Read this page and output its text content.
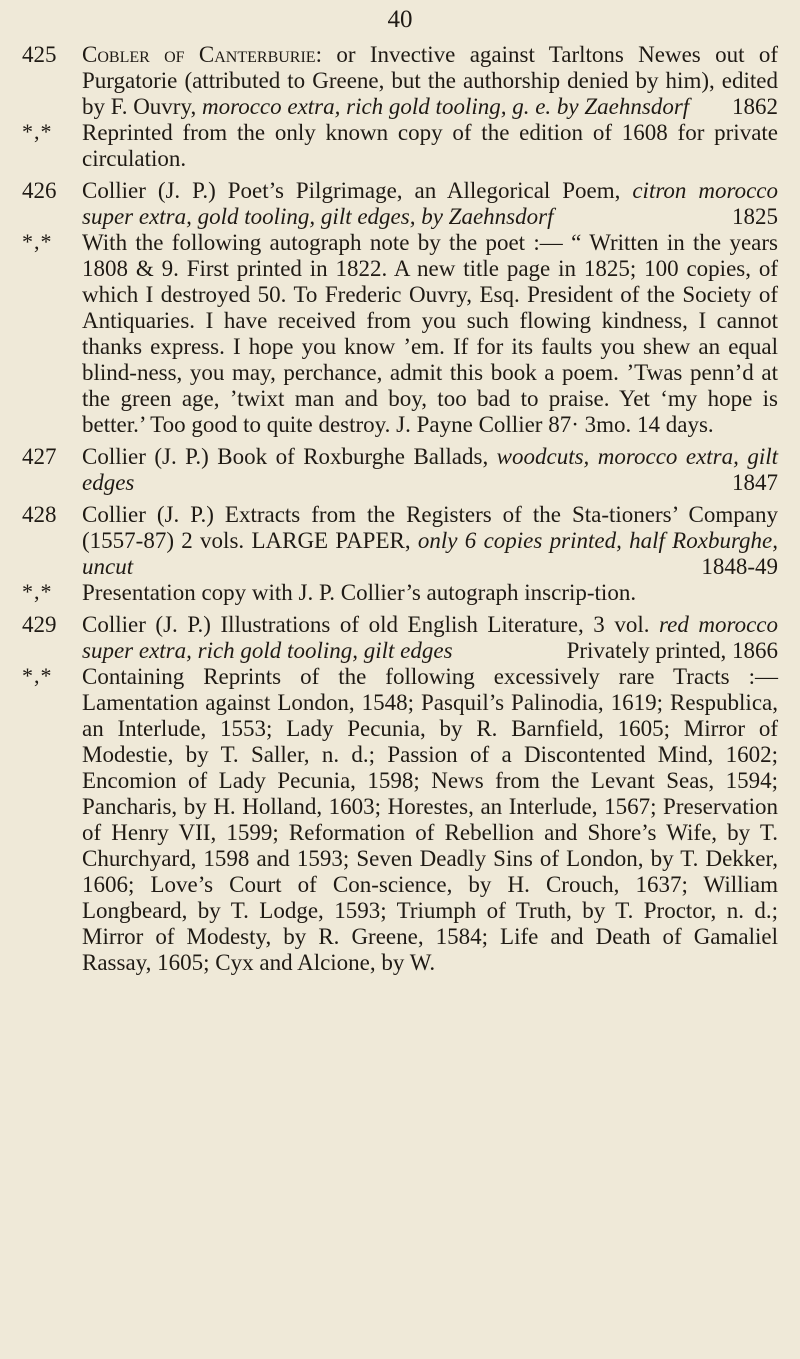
40
425	Cobler of Canterburie: or Invective against Tarltons Newes out of Purgatorie (attributed to Greene, but the authorship denied by him), edited by F. Ouvry, morocco extra, rich gold tooling, g. e. by Zaehnsdorf 1862
*,*	Reprinted from the only known copy of the edition of 1608 for private circulation.
426	Collier (J. P.) Poet’s Pilgrimage, an Allegorical Poem, citron morocco super extra, gold tooling, gilt edges, by Zaehnsdorf	1825
*,*	With the following autograph note by the poet :— “ Written in the years 1808 & 9. First printed in 1822. A new title page in 1825; 100 copies, of which I destroyed 50. To Frederic Ouvry, Esq. President of the Society of Antiquaries. I have received from you such flowing kindness, I cannot thanks express. I hope you know ’em. If for its faults you shew an equal blind-ness, you may, perchance, admit this book a poem. ’Twas penn’d at the green age, ’twixt man and boy, too bad to praise. Yet ‘my hope is better.’ Too good to quite destroy. J. Payne Collier 87· 3mo. 14 days.
427	Collier (J. P.) Book of Roxburghe Ballads, woodcuts, morocco extra, gilt edges	1847
428	Collier (J. P.) Extracts from the Registers of the Sta-tioners’ Company (1557-87) 2 vols. LARGE PAPER, only 6 copies printed, half Roxburghe, uncut	1848-49
*,*	Presentation copy with J. P. Collier’s autograph inscrip-tion.
429	Collier (J. P.) Illustrations of old English Literature, 3 vol. red morocco super extra, rich gold tooling, gilt edges	Privately printed, 1866
*,*	Containing Reprints of the following excessively rare Tracts :—Lamentation against London, 1548; Pasquil’s Palinodia, 1619; Respublica, an Interlude, 1553; Lady Pecunia, by R. Barnfield, 1605; Mirror of Modestie, by T. Saller, n. d.; Passion of a Discontented Mind, 1602; Encomion of Lady Pecunia, 1598; News from the Levant Seas, 1594; Pancharis, by H. Holland, 1603; Horestes, an Interlude, 1567; Preservation of Henry VII, 1599; Reformation of Rebellion and Shore’s Wife, by T. Churchyard, 1598 and 1593; Seven Deadly Sins of London, by T. Dekker, 1606; Love’s Court of Con-science, by H. Crouch, 1637; William Longbeard, by T. Lodge, 1593; Triumph of Truth, by T. Proctor, n. d.; Mirror of Modesty, by R. Greene, 1584; Life and Death of Gamaliel Rassay, 1605; Cyx and Alcione, by W.
